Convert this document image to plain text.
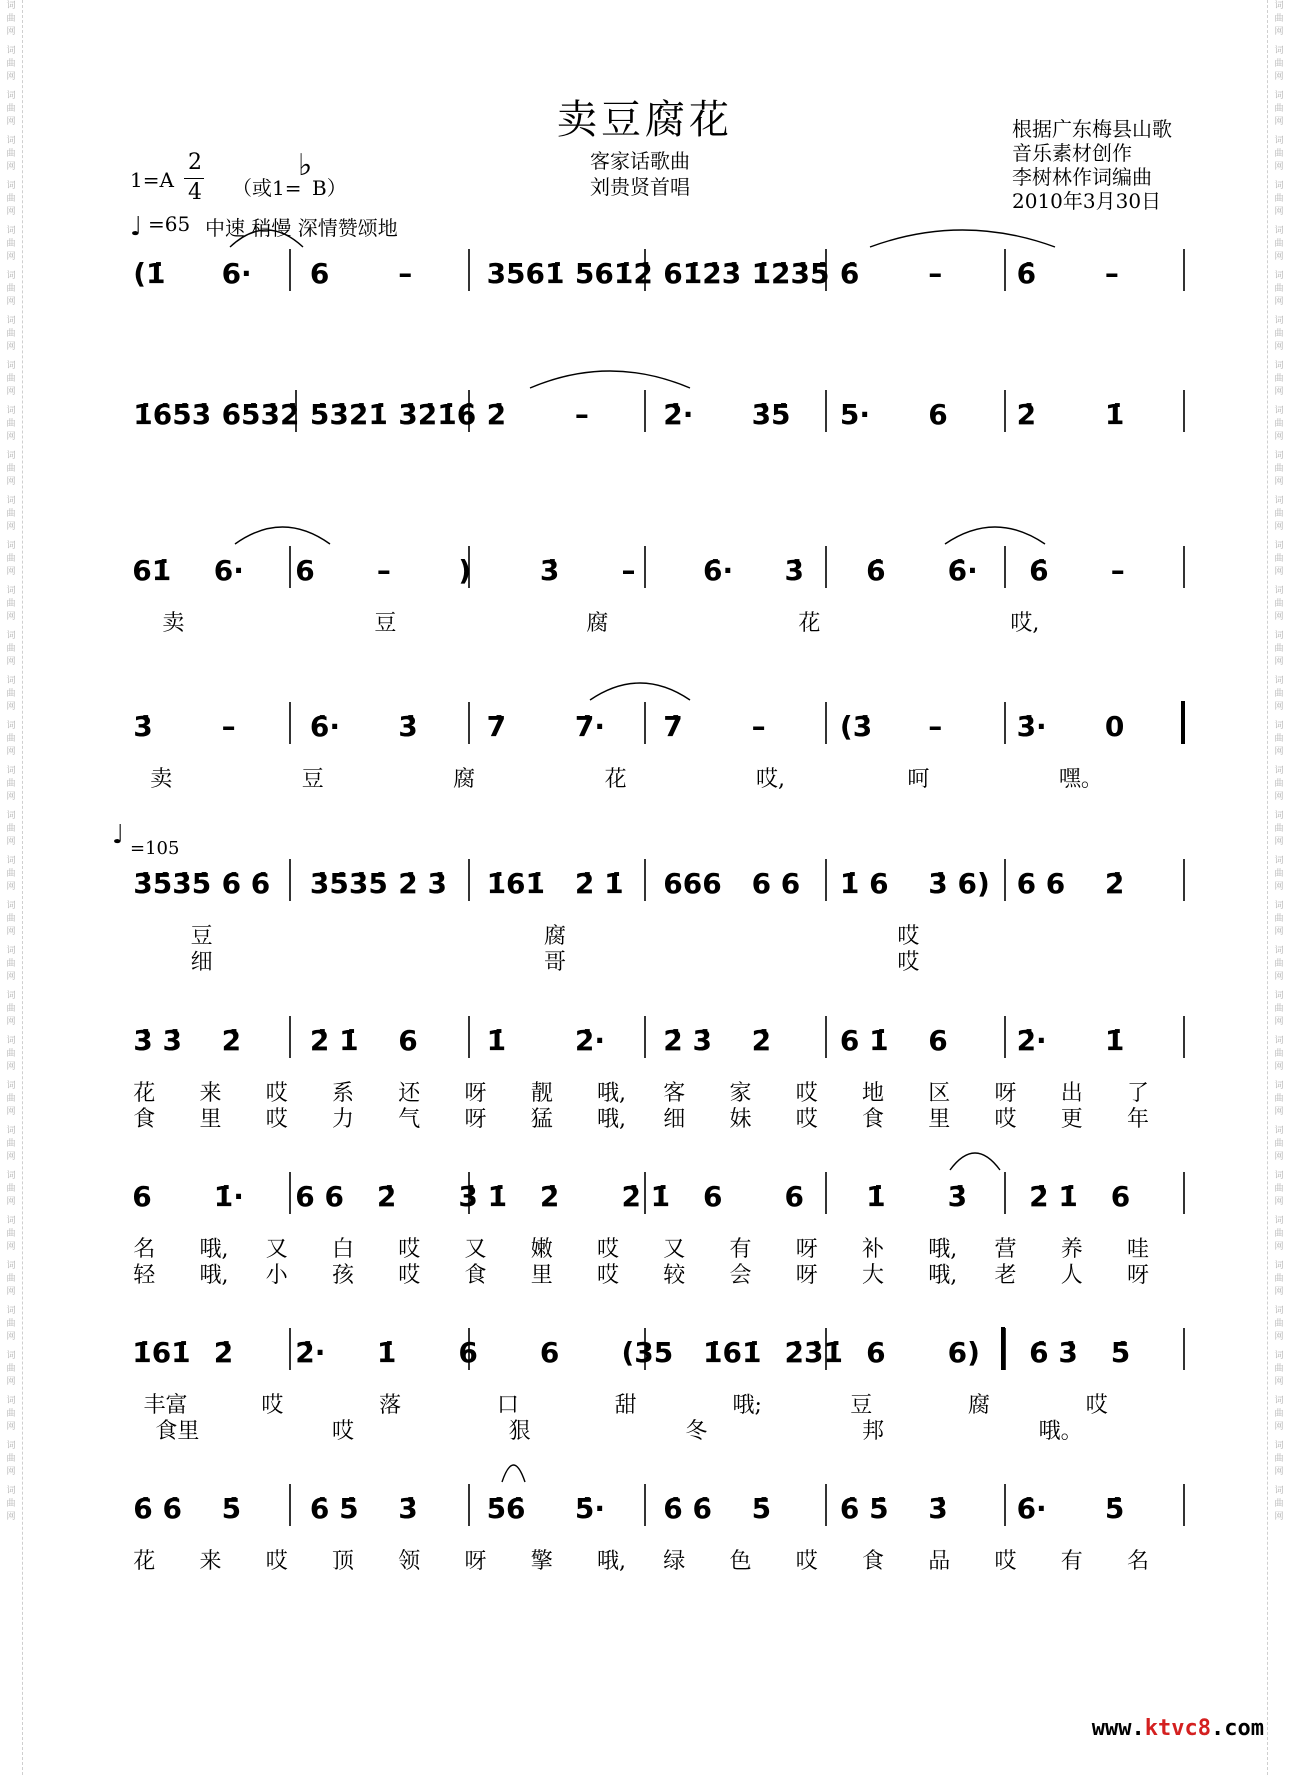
词
曲
网
词
曲
网
词
曲
网
词
曲
网
词
曲
网
词
曲
网
词
曲
网
词
曲
网
词
曲
网
词
曲
网
词
曲
网
词
曲
网
词
曲
网
词
曲
网
词
曲
网
词
曲
网
词
曲
网
词
曲
网
词
曲
网
词
曲
网
词
曲
网
词
曲
网
词
曲
网
词
曲
网
词
曲
网
词
曲
网
词
曲
网
词
曲
网
词
曲
网
词
曲
网
词
曲
网
词
曲
网
词
曲
网
词
曲
网
词
曲
网
词
曲
网
词
曲
网
词
曲
网
词
曲
网
词
曲
网
词
曲
网
词
曲
网
词
曲
网
词
曲
网
词
曲
网
词
曲
网
词
曲
网
词
曲
网
词
曲
网
词
曲
网
词
曲
网
词
曲
网
词
曲
网
词
曲
网
词
曲
网
词
曲
网
词
曲
网
词
曲
网
词
曲
网
词
曲
网
词
曲
网
词
曲
网
词
曲
网
词
曲
网
词
曲
网
词
曲
网
词
曲
网
词
曲
网
卖豆腐花
客家话歌曲
刘贵贤首唱
根据广东梅县山歌
音乐素材创作
李树林作词编曲
2010年3月30日
1=A
2
4 （或1=
♭
B）
♩ =65 中速 稍慢 深情赞颂地
♩ =105
(1̇ 6· 6 –	3561̇ 561̇2̇ 61̇2̇3̇ 1̇2̇3̇5̇ 6̇ –	6̇ –
1̇6̇5̇3̇ 6̇5̇3̇2̇ 5̇3̇2̇1̇ 3̇2̇1̇6̇ 2̇ –	2̇· 3̇5̇ 5· 6 2̇ 1̇
61̇ 6· 6 – ) 3̇ – 6̇· 3̇ 6̇ 6̇· 6̇ –
卖	豆	腐	花	哎,
3̇ –	6̇· 3̇ 7̇ 7̇· 7̇ –	(3̇ –	3̇· 0
卖	豆	腐	花	哎,	呵	嘿。
3̇5̇3̇5̇ 6̇ 6̇ 3̇5̇3̇5̇ 2̇ 3̇ 1̇61̇ 2̇ 1̇ 666 6 6 1̇ 6 3̇ 6) 6 6 2̇
豆	腐	哎
细	哥	哎
3̇ 3̇ 2̇ 2̇ 1̇ 6 1̇ 2̇· 2̇ 3̇ 2̇ 6 1̇ 6 2̇· 1̇
花 来 哎 系 还 呀 靓 哦, 客 家 哎 地 区 呀 出 了
食 里 哎 力 气 呀 猛 哦, 细 妹 哎 食 里 哎 更 年
6 1̇· 6 6 2̇ 3̇ 1̇ 2̇ 2̇ 1̇ 6 6 1̇ 3̇ 2̇ 1̇ 6
名 哦, 又 白 哎 又 嫩 哎 又 有 呀 补 哦, 营 养 哇
轻 哦, 小 孩 哎 食 里 哎 较 会 呀 大 哦, 老 人 呀
1̇61̇ 2̇ 2̇· 1̇ 6 6 (35 1̇61̇ 2̇3̇1̇ 6 6) 6̇ 3̇ 5̇
丰富	哎	落	口	甜	哦;	豆	腐	哎
食里	哎	狠	冬	邦	哦。
6̇ 6̇ 5̇ 6̇ 5̇ 3̇ 5̇6̇ 5̇· 6̇ 6̇ 5̇ 6̇ 5̇ 3̇ 6̇· 5̇
花 来 哎 顶 领 呀 擎 哦, 绿 色 哎 食 品 哎 有 名
www.ktvc8.com
